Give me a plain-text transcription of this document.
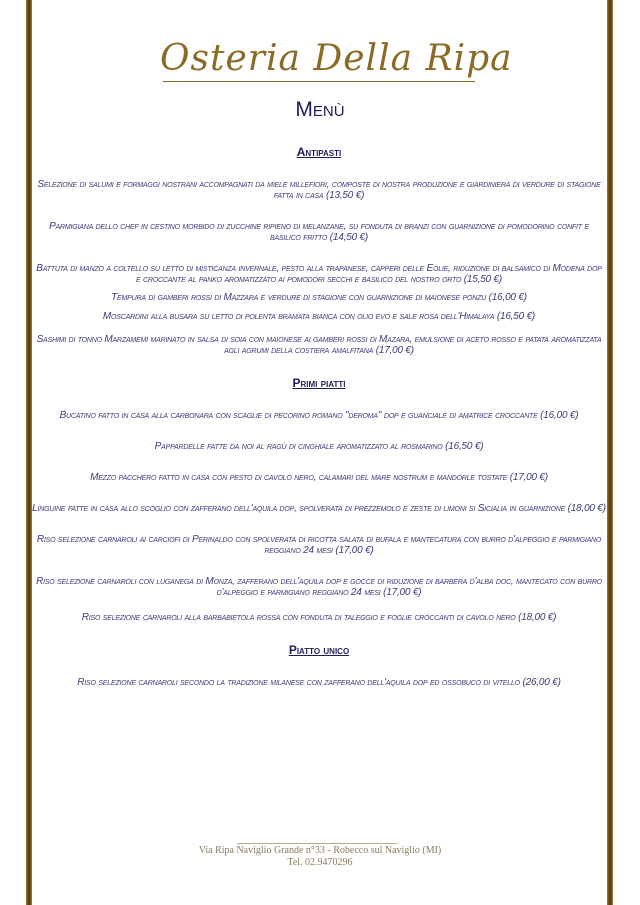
Osteria Della Ripa
Menù
Antipasti
Selezione di salumi e formaggi nostrani accompagnati da miele millefiori, composte di nostra produzione e giardiniera di verdure di stagione fatta in casa (13,50 €)
Parmigiana dello chef in cestino morbido di zucchine ripieno di melanzane, su fonduta di branzi con guarnizione di pomodorino confit e basilico fritto (14,50 €)
Battuta di manzo a coltello su letto di misticanza invernale, pesto alla trapanese, capperi delle Eolie, riduzione di balsamico di Modena dop e croccante al panko aromatizzato ai pomodori secchi e basilico del nostro orto (15,50 €)
Tempura di gamberi rossi di Mazzara e verdure di stagione con guarnizione di maionese ponzu (16,00 €)
Moscardini alla busara su letto di polenta bramata bianca con olio evo e sale rosa dell'Himalaya (16,50 €)
Sashimi di tonno Marzamemi marinato in salsa di soia con maionese ai gamberi rossi di Mazara, emulsione di aceto rosso e patata aromatizzata agli agrumi della costiera amalfitana (17,00 €)
Primi piatti
Bucatino fatto in casa alla carbonara con scaglie di pecorino romano "deroma" dop e guanciale di amatrice croccante (16,00 €)
Pappardelle fatte da noi al ragù di cinghiale aromatizzato al rosmarino (16,50 €)
Mezzo pacchero fatto in casa con pesto di cavolo nero, calamari del mare nostrum e mandorle tostate (17,00 €)
Linguine fatte in casa allo scoglio con zafferano dell'aquila dop, spolverata di prezzemolo e zeste di limoni si Sicialia in guarnizione (18,00 €)
Riso selezione carnaroli ai carciofi di Perinaldo con spolverata di ricotta salata di bufala e mantecatura con burro d'alpeggio e parmigiano reggiano 24 mesi (17,00 €)
Riso selezione carnaroli con luganega di Monza, zafferano dell'aquila dop e gocce di riduzione di barbera d'alba doc, mantecato con burro d'alpeggio e parmigiano reggiano 24 mesi (17,00 €)
Riso selezione carnaroli alla barbabietola rossa con fonduta di taleggio e foglie croccanti di cavolo nero (18,00 €)
Piatto unico
Riso selezione carnaroli secondo la tradizione milanese con zafferano dell'aquila dop ed ossobuco di vitello (26,00 €)
Via Ripa Naviglio Grande n°33 - Robecco sul Naviglio (MI)
Tel. 02.9470296
